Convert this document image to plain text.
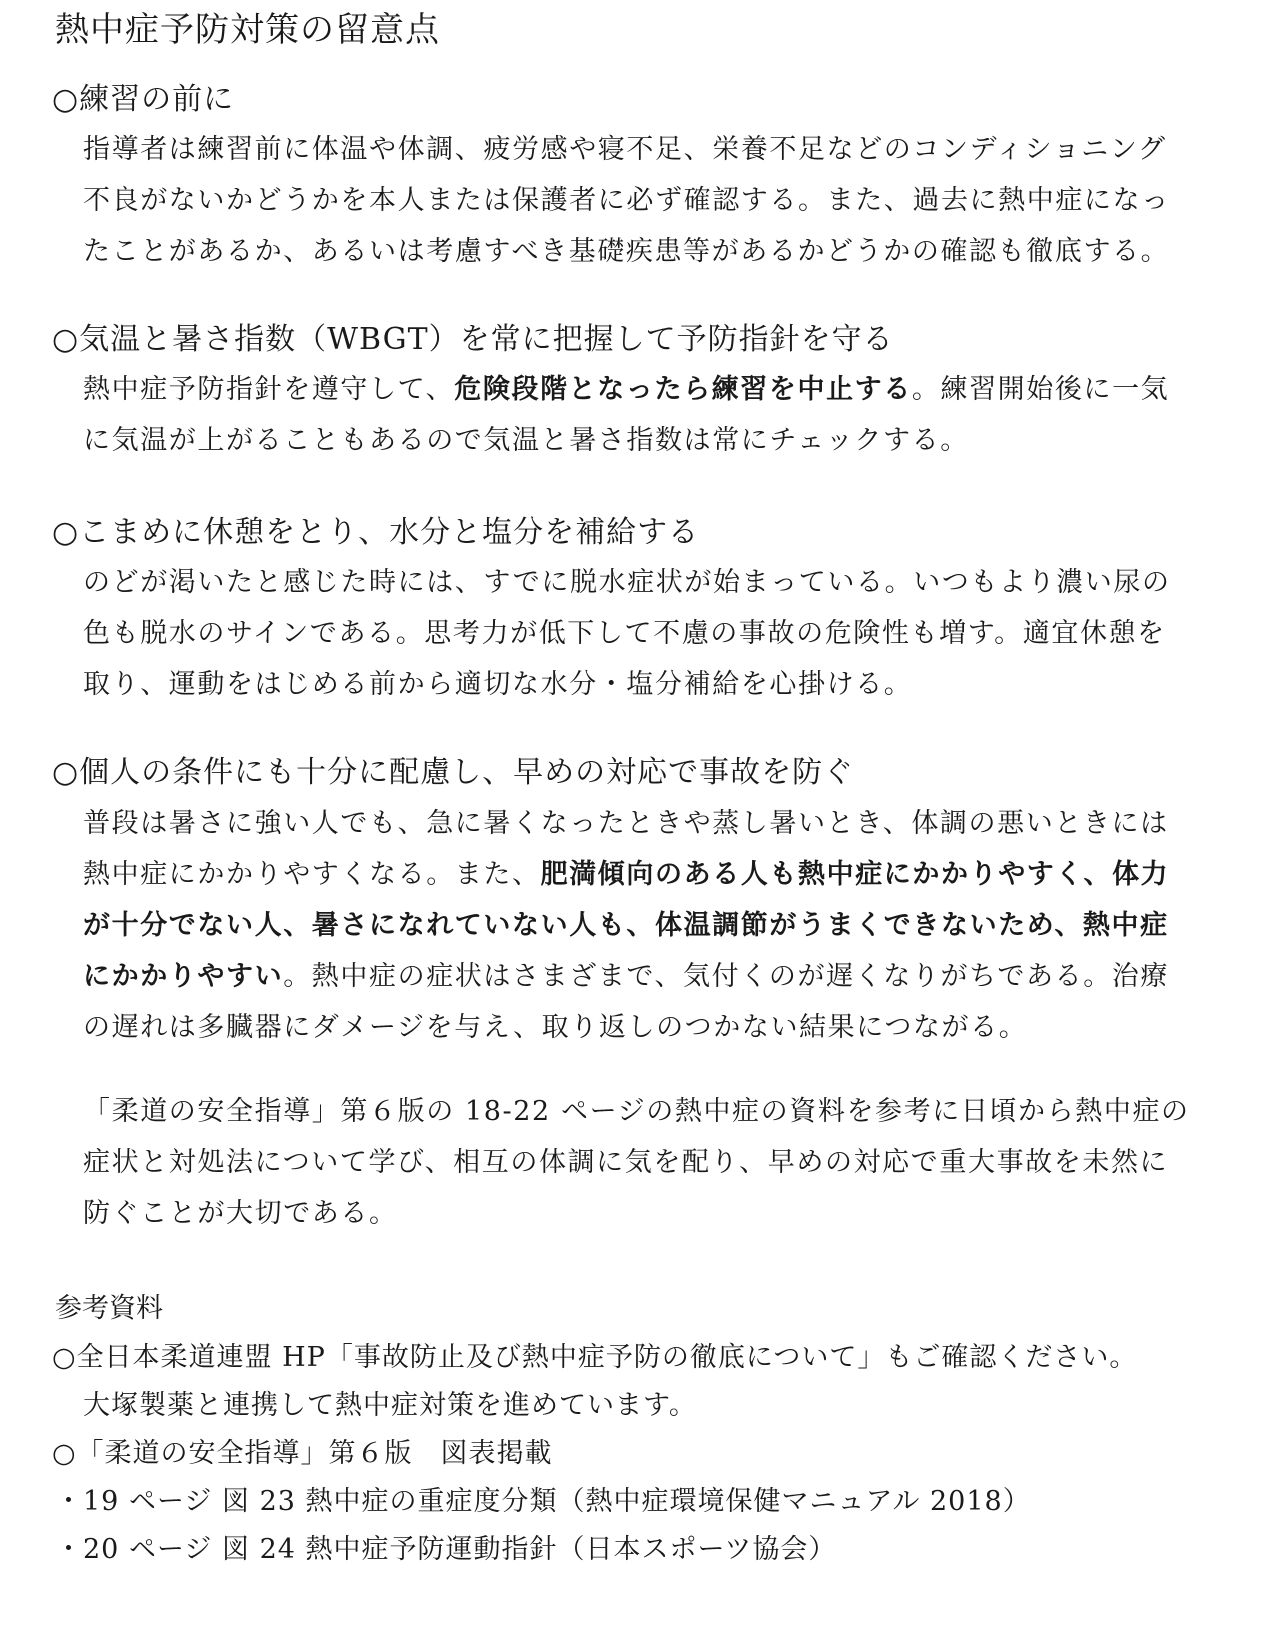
熱中症予防対策の留意点
○練習の前に
指導者は練習前に体温や体調、疲労感や寝不足、栄養不足などのコンディショニング
不良がないかどうかを本人または保護者に必ず確認する。また、過去に熱中症になっ
たことがあるか、あるいは考慮すべき基礎疾患等があるかどうかの確認も徹底する。
○気温と暑さ指数（WBGT）を常に把握して予防指針を守る
熱中症予防指針を遵守して、危険段階となったら練習を中止する。練習開始後に一気
に気温が上がることもあるので気温と暑さ指数は常にチェックする。
○こまめに休憩をとり、水分と塩分を補給する
のどが渇いたと感じた時には、すでに脱水症状が始まっている。いつもより濃い尿の
色も脱水のサインである。思考力が低下して不慮の事故の危険性も増す。適宜休憩を
取り、運動をはじめる前から適切な水分・塩分補給を心掛ける。
○個人の条件にも十分に配慮し、早めの対応で事故を防ぐ
普段は暑さに強い人でも、急に暑くなったときや蒸し暑いとき、体調の悪いときには
熱中症にかかりやすくなる。また、肥満傾向のある人も熱中症にかかりやすく、体力
が十分でない人、暑さになれていない人も、体温調節がうまくできないため、熱中症
にかかりやすい。熱中症の症状はさまざまで、気付くのが遅くなりがちである。治療
の遅れは多臓器にダメージを与え、取り返しのつかない結果につながる。
「柔道の安全指導」第６版の 18-22 ページの熱中症の資料を参考に日頃から熱中症の
症状と対処法について学び、相互の体調に気を配り、早めの対応で重大事故を未然に
防ぐことが大切である。
参考資料
○全日本柔道連盟 HP「事故防止及び熱中症予防の徹底について」もご確認ください。
大塚製薬と連携して熱中症対策を進めています。
○「柔道の安全指導」第６版　図表掲載
・19 ページ 図 23 熱中症の重症度分類（熱中症環境保健マニュアル 2018）
・20 ページ 図 24 熱中症予防運動指針（日本スポーツ協会）
